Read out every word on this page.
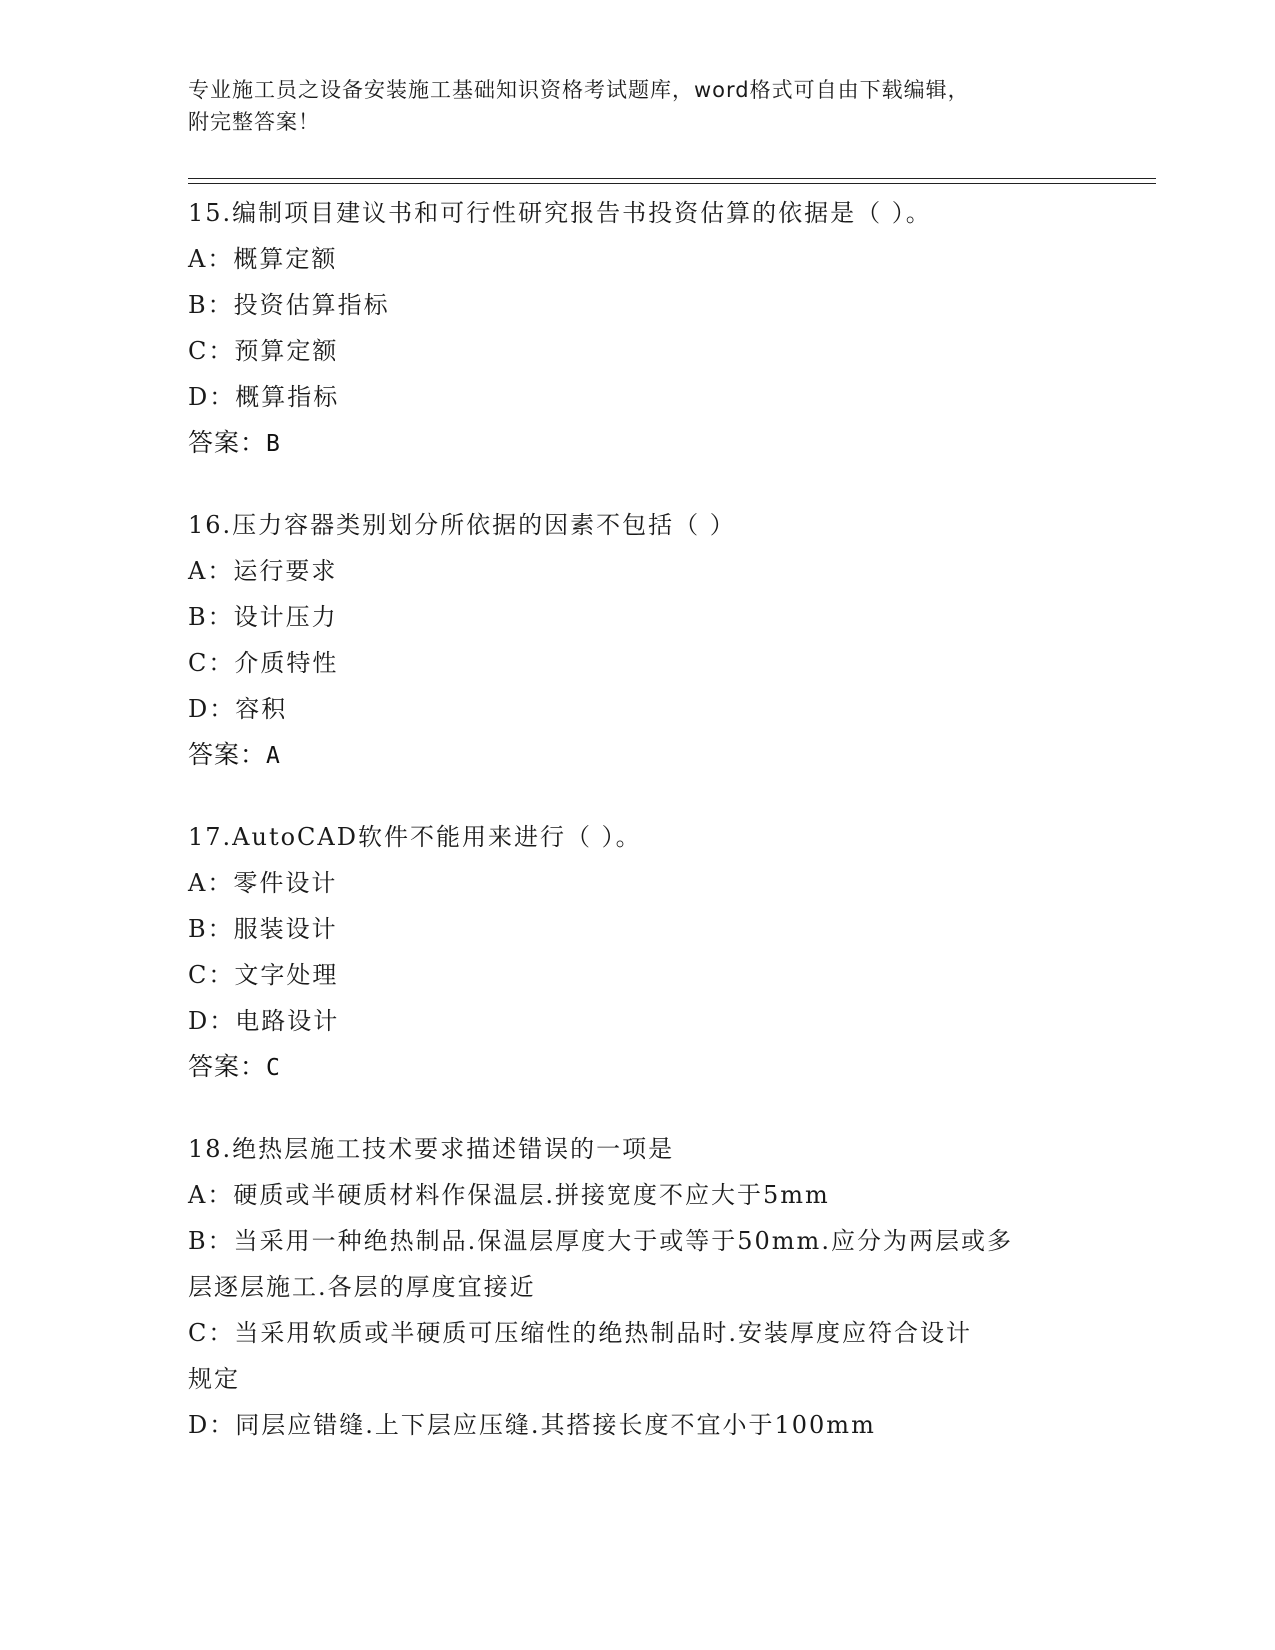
专业施工员之设备安装施工基础知识资格考试题库，word格式可自由下载编辑，
附完整答案！
15.编制项目建议书和可行性研究报告书投资估算的依据是（ ）。
A：概算定额
B：投资估算指标
C：预算定额
D：概算指标
答案：B
16.压力容器类别划分所依据的因素不包括（ ）
A：运行要求
B：设计压力
C：介质特性
D：容积
答案：A
17.AutoCAD软件不能用来进行（ ）。
A：零件设计
B：服装设计
C：文字处理
D：电路设计
答案：C
18.绝热层施工技术要求描述错误的一项是
A：硬质或半硬质材料作保温层.拼接宽度不应大于5mm
B：当采用一种绝热制品.保温层厚度大于或等于50mm.应分为两层或多
层逐层施工.各层的厚度宜接近
C：当采用软质或半硬质可压缩性的绝热制品时.安装厚度应符合设计
规定
D：同层应错缝.上下层应压缝.其搭接长度不宜小于100mm
